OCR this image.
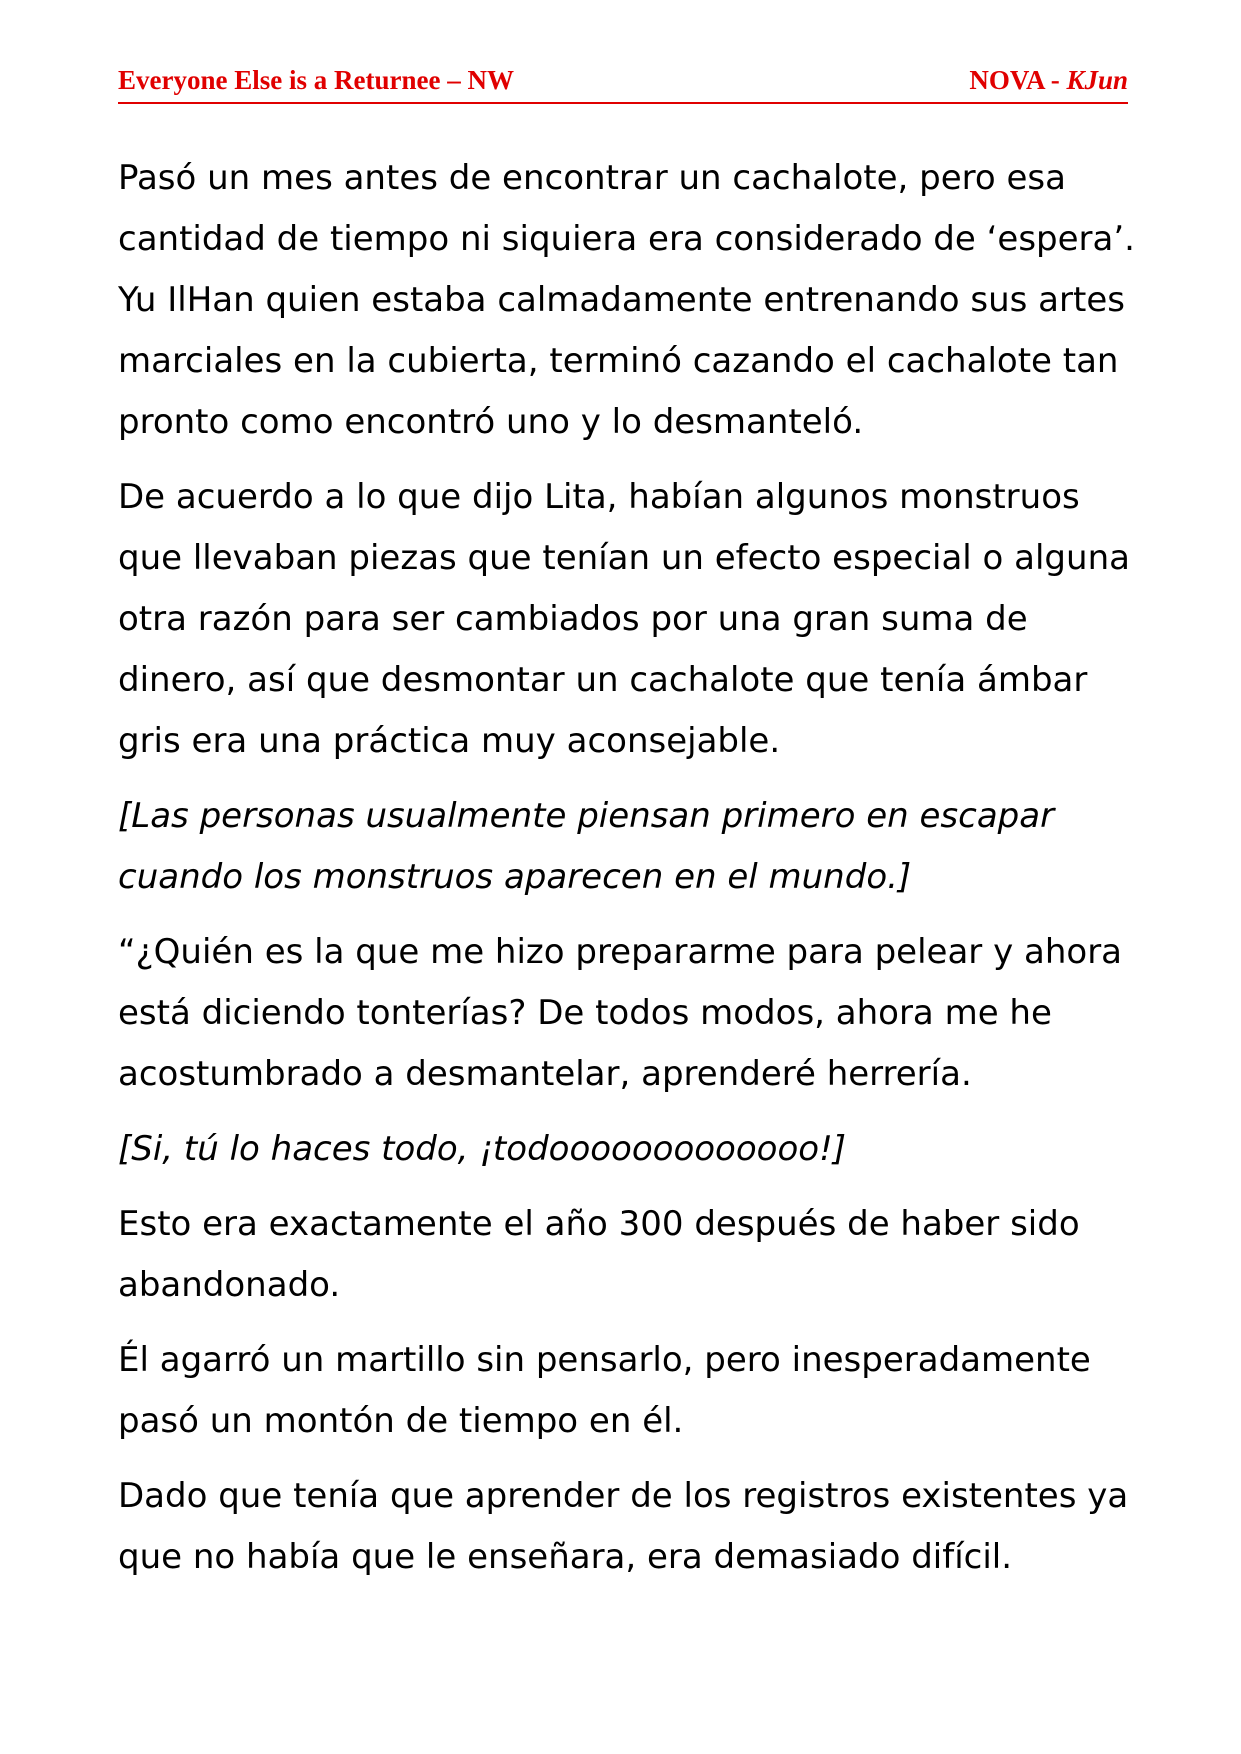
Everyone Else is a Returnee – NW	NOVA - KJun

Pasó un mes antes de encontrar un cachalote, pero esa cantidad de tiempo ni siquiera era considerado de ‘espera’. Yu IlHan quien estaba calmadamente entrenando sus artes marciales en la cubierta, terminó cazando el cachalote tan pronto como encontró uno y lo desmanteló.

De acuerdo a lo que dijo Lita, habían algunos monstruos que llevaban piezas que tenían un efecto especial o alguna otra razón para ser cambiados por una gran suma de dinero, así que desmontar un cachalote que tenía ámbar gris era una práctica muy aconsejable.

[Las personas usualmente piensan primero en escapar cuando los monstruos aparecen en el mundo.]

“¿Quién es la que me hizo prepararme para pelear y ahora está diciendo tonterías? De todos modos, ahora me he acostumbrado a desmantelar, aprenderé herrería.

[Si, tú lo haces todo, ¡todooooooooooooo!]

Esto era exactamente el año 300 después de haber sido abandonado.

Él agarró un martillo sin pensarlo, pero inesperadamente pasó un montón de tiempo en él.

Dado que tenía que aprender de los registros existentes ya que no había que le enseñara, era demasiado difícil.
